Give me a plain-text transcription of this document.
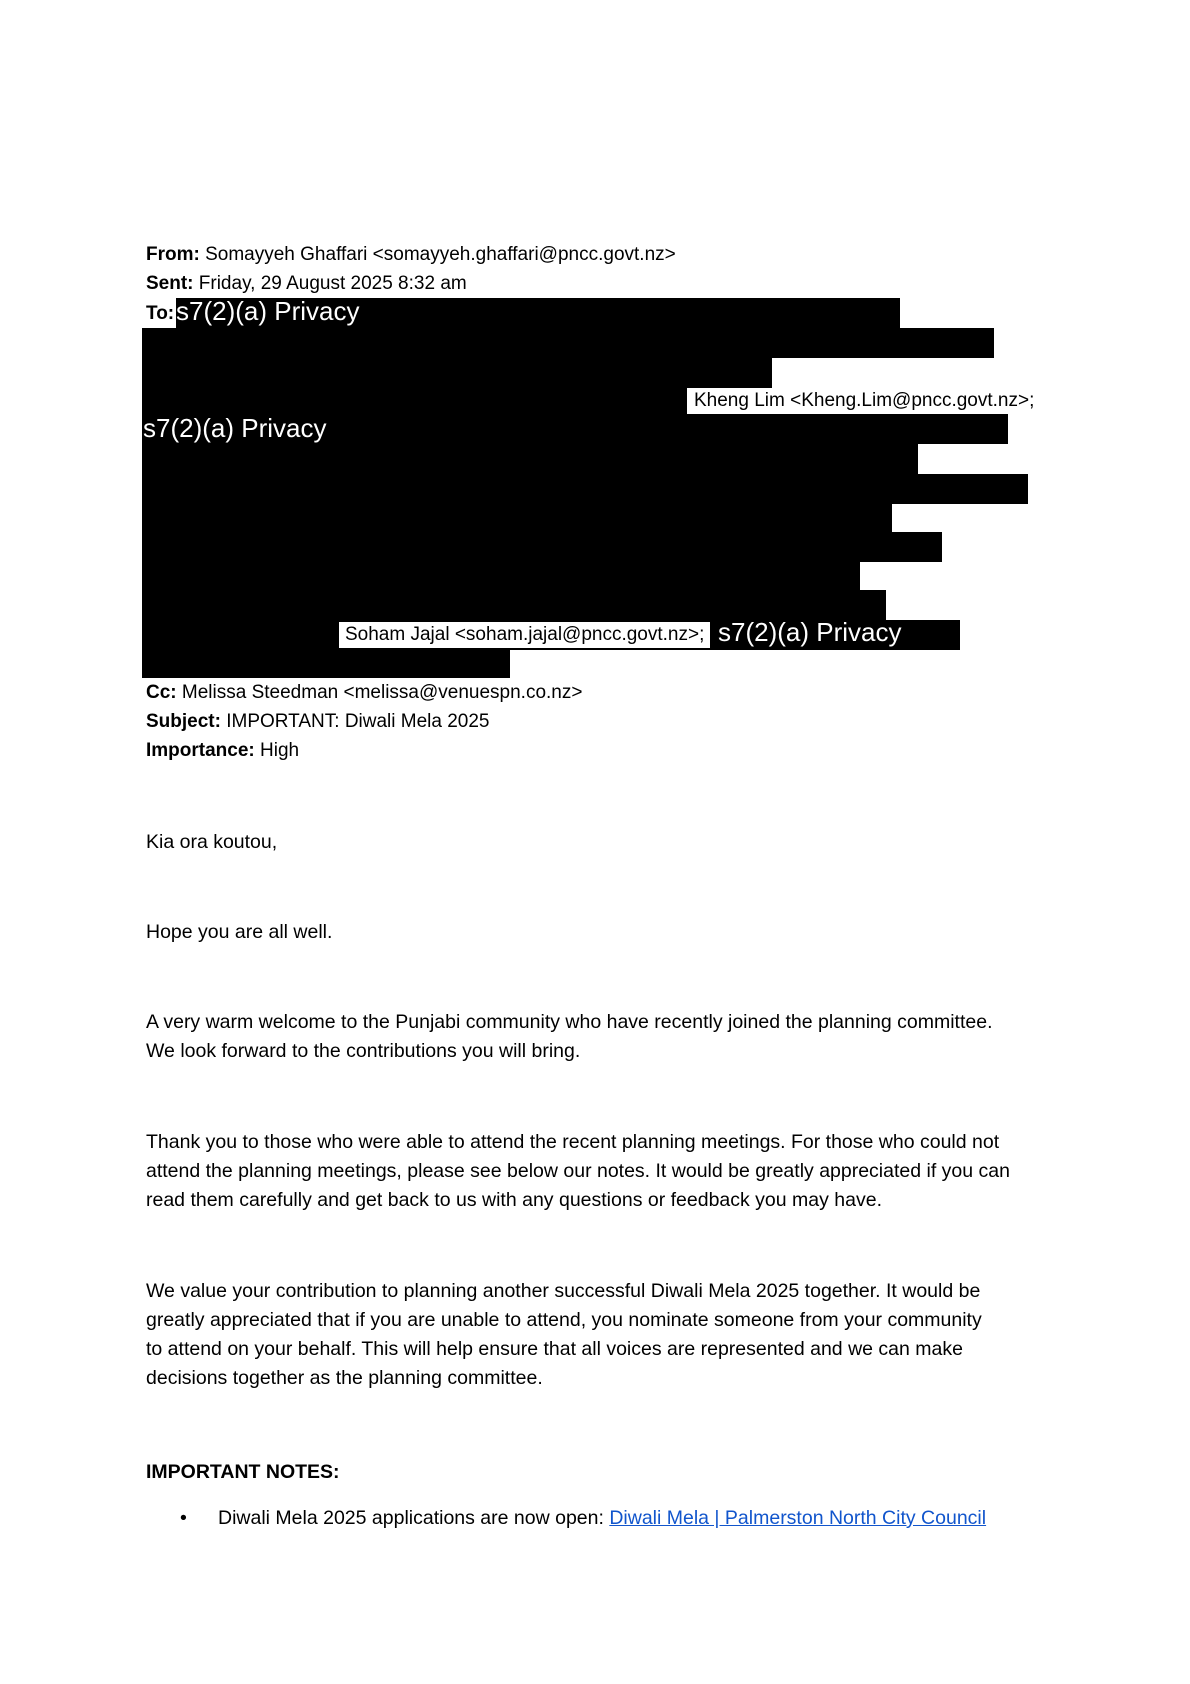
From: Somayyeh Ghaffari <somayyeh.ghaffari@pncc.govt.nz>
Sent: Friday, 29 August 2025 8:32 am
To: s7(2)(a) Privacy
s7(2)(a) Privacy
s7(2)(a) Privacy
Kheng Lim <Kheng.Lim@pncc.govt.nz>;
Soham Jajal <soham.jajal@pncc.govt.nz>;
Cc: Melissa Steedman <melissa@venuespn.co.nz>
Subject: IMPORTANT: Diwali Mela 2025
Importance: High

Kia ora koutou,

Hope you are all well.

A very warm welcome to the Punjabi community who have recently joined the planning committee.

We look forward to the contributions you will bring.

Thank you to those who were able to attend the recent planning meetings. For those who could not

attend the planning meetings, please see below our notes. It would be greatly appreciated if you can

read them carefully and get back to us with any questions or feedback you may have.

We value your contribution to planning another successful Diwali Mela 2025 together. It would be

greatly appreciated that if you are unable to attend, you nominate someone from your community

to attend on your behalf. This will help ensure that all voices are represented and we can make

decisions together as the planning committee.

IMPORTANT NOTES:
• Diwali Mela 2025 applications are now open: Diwali Mela | Palmerston North City Council
